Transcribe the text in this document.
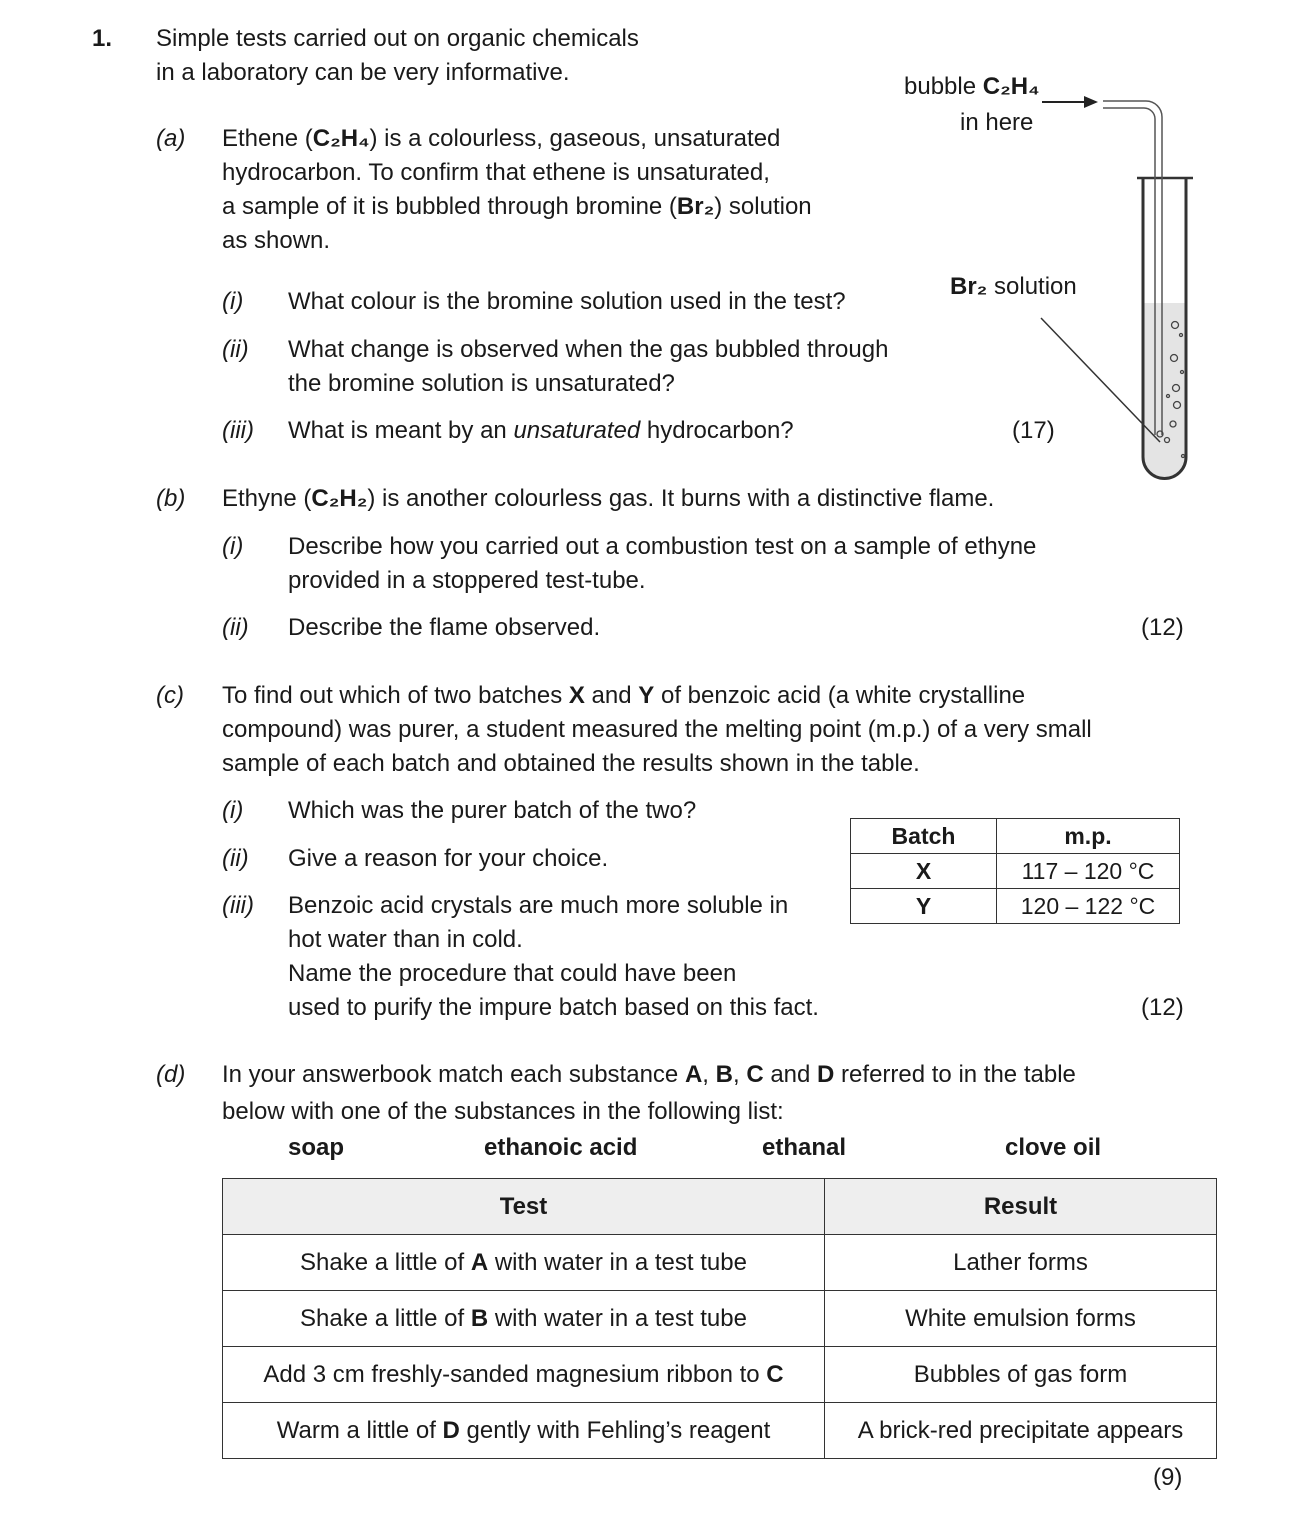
1. Simple tests carried out on organic chemicals
in a laboratory can be very informative.
bubble C₂H₄
in here
Br₂ solution
(a) Ethene (C₂H₄) is a colourless, gaseous, unsaturated
hydrocarbon. To confirm that ethene is unsaturated,
a sample of it is bubbled through bromine (Br₂) solution
as shown.
(i) What colour is the bromine solution used in the test?
(ii) What change is observed when the gas bubbled through
the bromine solution is unsaturated?
(iii) What is meant by an unsaturated hydrocarbon?	(17)
(b) Ethyne (C₂H₂) is another colourless gas. It burns with a distinctive flame.
(i) Describe how you carried out a combustion test on a sample of ethyne
provided in a stoppered test-tube.
(ii) Describe the flame observed.	(12)
(c) To find out which of two batches X and Y of benzoic acid (a white crystalline
compound) was purer, a student measured the melting point (m.p.) of a very small
sample of each batch and obtained the results shown in the table.
(i) Which was the purer batch of the two?
(ii) Give a reason for your choice.
(iii) Benzoic acid crystals are much more soluble in
hot water than in cold.
Name the procedure that could have been
used to purify the impure batch based on this fact.	(12)
Batch	m.p.
X	117 – 120 °C
Y	120 – 122 °C
(d) In your answerbook match each substance A, B, C and D referred to in the table
below with one of the substances in the following list:
soap	ethanoic acid	ethanal	clove oil
Test	Result
Shake a little of A with water in a test tube	Lather forms
Shake a little of B with water in a test tube	White emulsion forms
Add 3 cm freshly-sanded magnesium ribbon to C	Bubbles of gas form
Warm a little of D gently with Fehling’s reagent	A brick-red precipitate appears
(9)
